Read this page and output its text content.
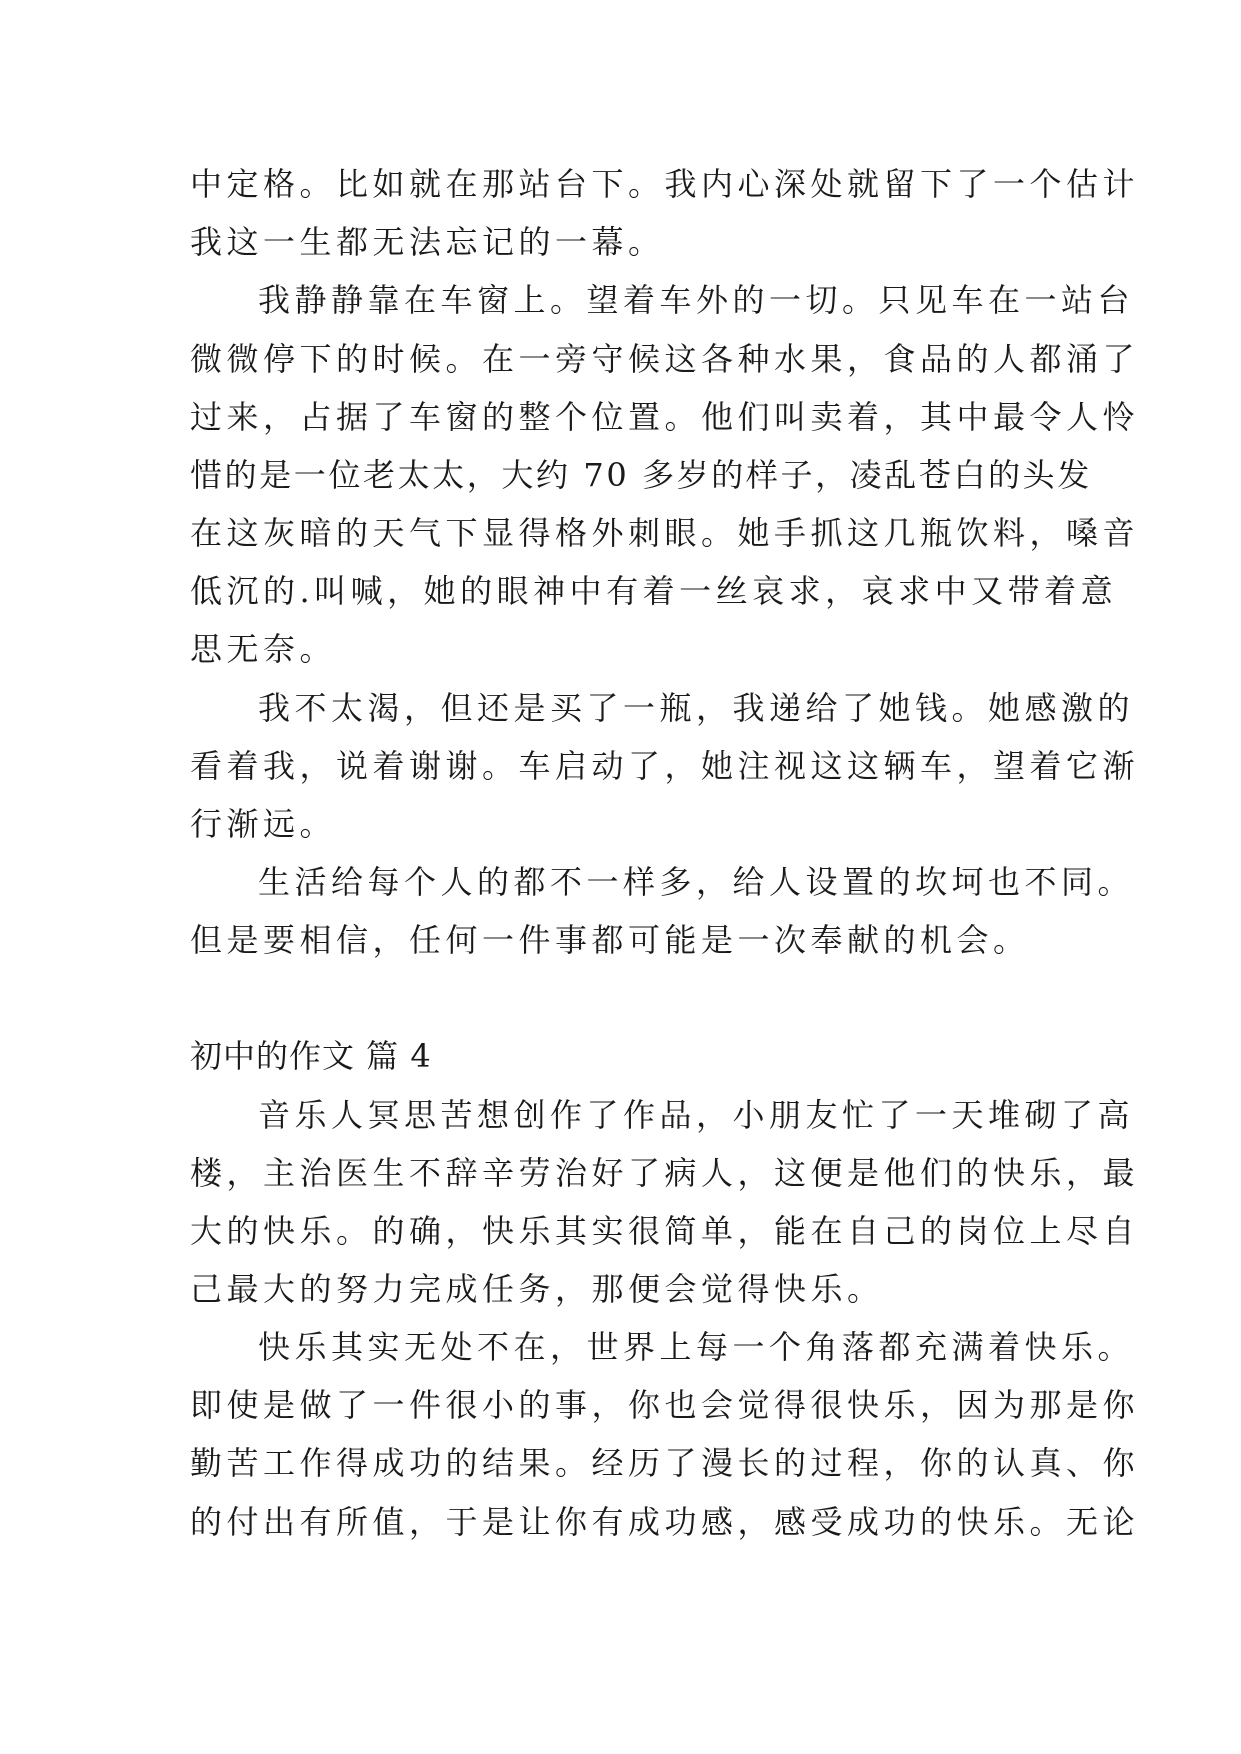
中定格。比如就在那站台下。我内心深处就留下了一个估计
我这一生都无法忘记的一幕。
我静静靠在车窗上。望着车外的一切。只见车在一站台
微微停下的时候。在一旁守候这各种水果，食品的人都涌了
过来，占据了车窗的整个位置。他们叫卖着，其中最令人怜
惜的是一位老太太，大约 70 多岁的样子，凌乱苍白的头发
在这灰暗的天气下显得格外刺眼。她手抓这几瓶饮料，嗓音
低沉的.叫喊，她的眼神中有着一丝哀求，哀求中又带着意
思无奈。
我不太渴，但还是买了一瓶，我递给了她钱。她感激的
看着我，说着谢谢。车启动了，她注视这这辆车，望着它渐
行渐远。
生活给每个人的都不一样多，给人设置的坎坷也不同。
但是要相信，任何一件事都可能是一次奉献的机会。
初中的作文 篇 4
音乐人冥思苦想创作了作品，小朋友忙了一天堆砌了高
楼，主治医生不辞辛劳治好了病人，这便是他们的快乐，最
大的快乐。的确，快乐其实很简单，能在自己的岗位上尽自
己最大的努力完成任务，那便会觉得快乐。
快乐其实无处不在，世界上每一个角落都充满着快乐。
即使是做了一件很小的事，你也会觉得很快乐，因为那是你
勤苦工作得成功的结果。经历了漫长的过程，你的认真、你
的付出有所值，于是让你有成功感，感受成功的快乐。无论
